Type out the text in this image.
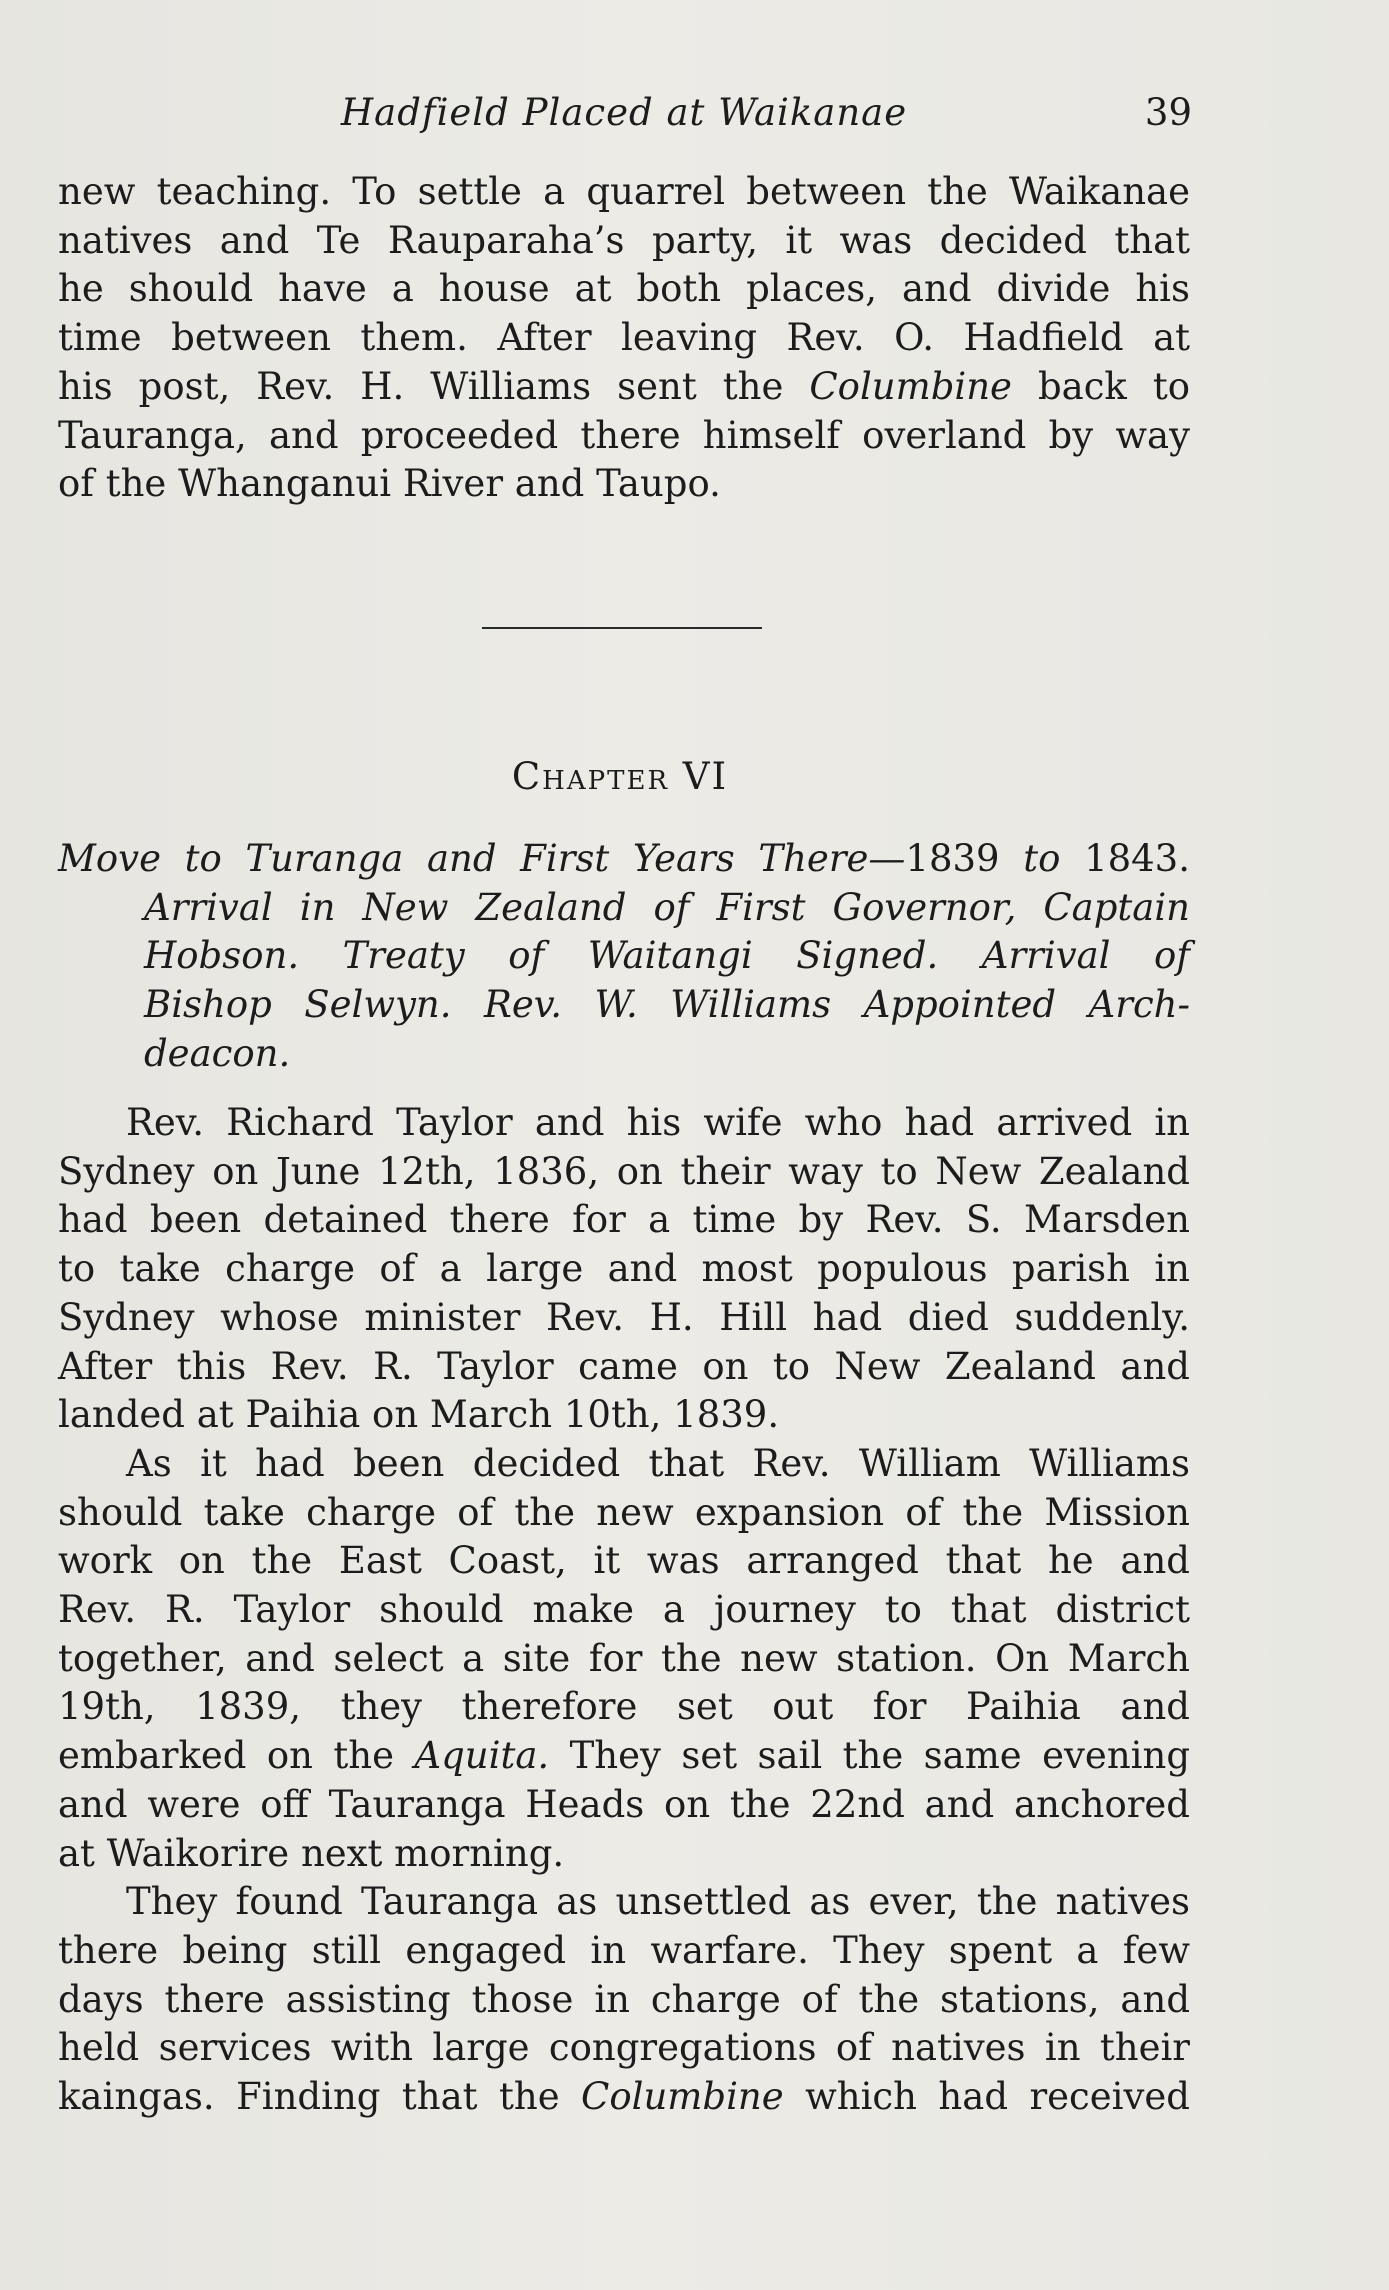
Hadfield Placed at Waikanae	39
new teaching. To settle a quarrel between the Waikanae
natives and Te Rauparaha’s party, it was decided that
he should have a house at both places, and divide his
time between them. After leaving Rev. O. Hadfield at
his post, Rev. H. Williams sent the Columbine back to
Tauranga, and proceeded there himself overland by way
of the Whanganui River and Taupo.
Chapter VI
Move to Turanga and First Years There—1839 to 1843.
Arrival in New Zealand of First Governor, Captain
Hobson. Treaty of Waitangi Signed. Arrival of
Bishop Selwyn. Rev. W. Williams Appointed Arch-
deacon.
Rev. Richard Taylor and his wife who had arrived in
Sydney on June 12th, 1836, on their way to New Zealand
had been detained there for a time by Rev. S. Marsden
to take charge of a large and most populous parish in
Sydney whose minister Rev. H. Hill had died suddenly.
After this Rev. R. Taylor came on to New Zealand and
landed at Paihia on March 10th, 1839.
As it had been decided that Rev. William Williams
should take charge of the new expansion of the Mission
work on the East Coast, it was arranged that he and
Rev. R. Taylor should make a journey to that district
together, and select a site for the new station. On March
19th, 1839, they therefore set out for Paihia and
embarked on the Aquita. They set sail the same evening
and were off Tauranga Heads on the 22nd and anchored
at Waikorire next morning.
They found Tauranga as unsettled as ever, the natives
there being still engaged in warfare. They spent a few
days there assisting those in charge of the stations, and
held services with large congregations of natives in their
kaingas. Finding that the Columbine which had received
